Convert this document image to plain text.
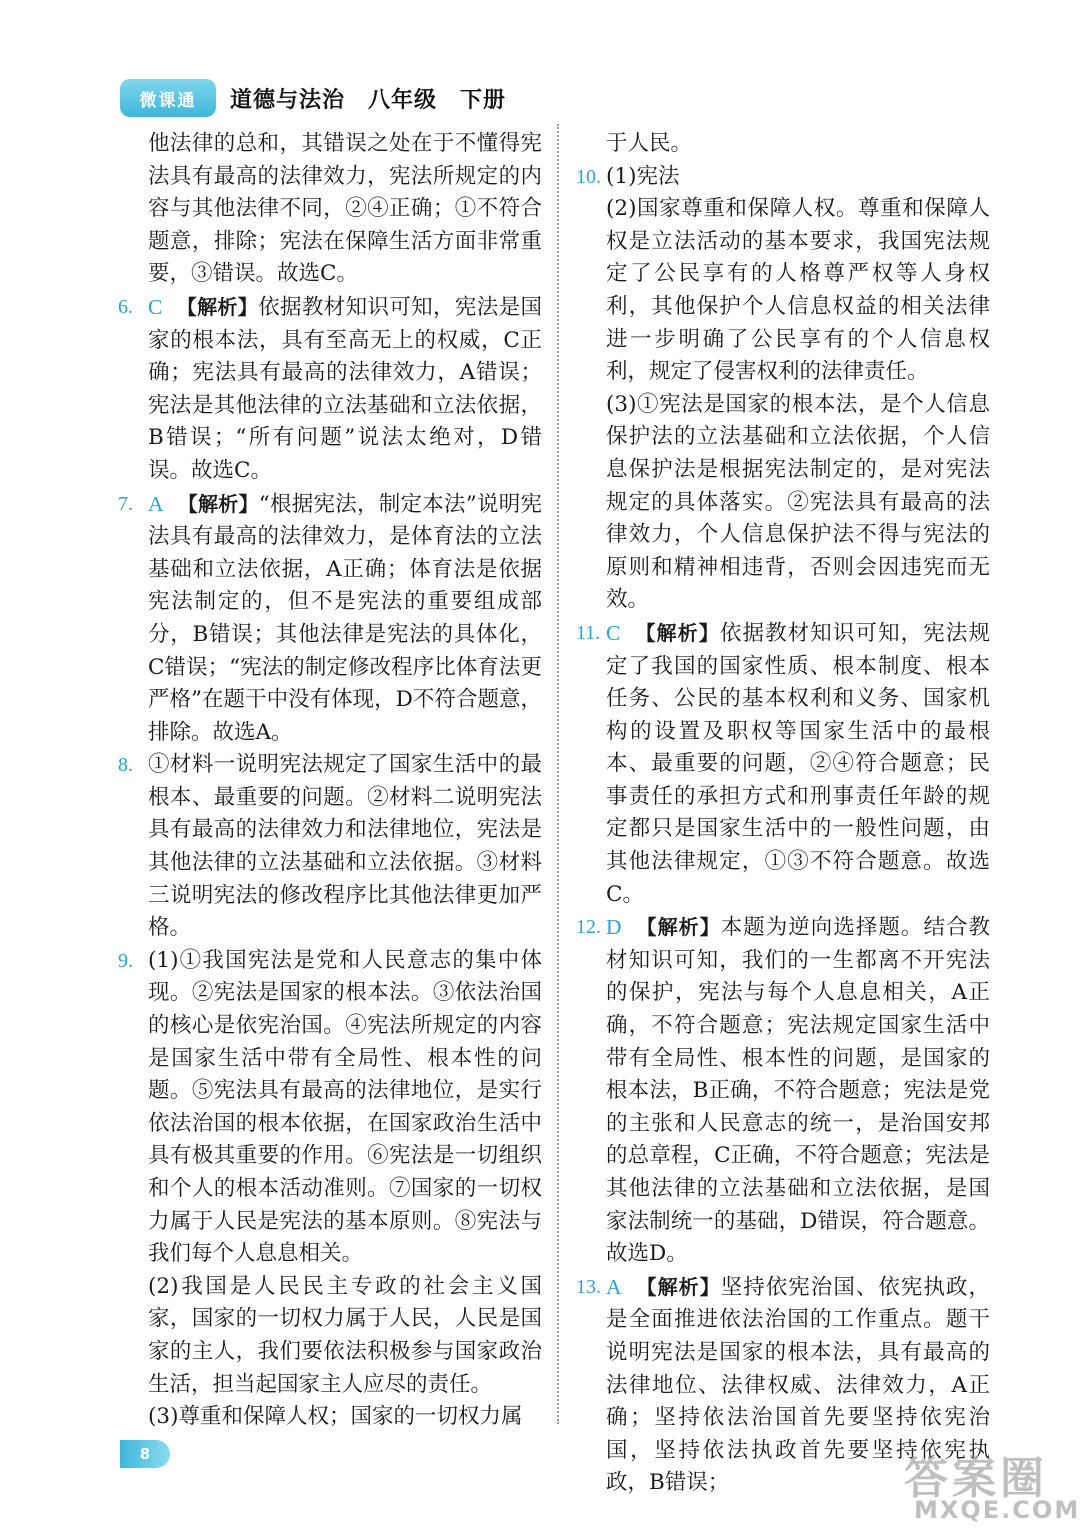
微课通	道德与法治　八年级　下册
他法律的总和，其错误之处在于不懂得宪法具有最高的法律效力，宪法所规定的内容与其他法律不同，②④正确；①不符合题意，排除；宪法在保障生活方面非常重要，③错误。故选C。
6. C 【解析】依据教材知识可知，宪法是国家的根本法，具有至高无上的权威，C正确；宪法具有最高的法律效力，A错误；宪法是其他法律的立法基础和立法依据，B错误；“所有问题”说法太绝对，D错误。故选C。
7. A 【解析】“根据宪法，制定本法”说明宪法具有最高的法律效力，是体育法的立法基础和立法依据，A正确；体育法是依据宪法制定的，但不是宪法的重要组成部分，B错误；其他法律是宪法的具体化，C错误；“宪法的制定修改程序比体育法更严格”在题干中没有体现，D不符合题意，排除。故选A。
8. ①材料一说明宪法规定了国家生活中的最根本、最重要的问题。②材料二说明宪法具有最高的法律效力和法律地位，宪法是其他法律的立法基础和立法依据。③材料三说明宪法的修改程序比其他法律更加严格。
9. (1)①我国宪法是党和人民意志的集中体现。②宪法是国家的根本法。③依法治国的核心是依宪治国。④宪法所规定的内容是国家生活中带有全局性、根本性的问题。⑤宪法具有最高的法律地位，是实行依法治国的根本依据，在国家政治生活中具有极其重要的作用。⑥宪法是一切组织和个人的根本活动准则。⑦国家的一切权力属于人民是宪法的基本原则。⑧宪法与我们每个人息息相关。
(2)我国是人民民主专政的社会主义国家，国家的一切权力属于人民，人民是国家的主人，我们要依法积极参与国家政治生活，担当起国家主人应尽的责任。
(3)尊重和保障人权；国家的一切权力属
于人民。
10. (1)宪法
(2)国家尊重和保障人权。尊重和保障人权是立法活动的基本要求，我国宪法规定了公民享有的人格尊严权等人身权利，其他保护个人信息权益的相关法律进一步明确了公民享有的个人信息权利，规定了侵害权利的法律责任。
(3)①宪法是国家的根本法，是个人信息保护法的立法基础和立法依据，个人信息保护法是根据宪法制定的，是对宪法规定的具体落实。②宪法具有最高的法律效力，个人信息保护法不得与宪法的原则和精神相违背，否则会因违宪而无效。
11. C 【解析】依据教材知识可知，宪法规定了我国的国家性质、根本制度、根本任务、公民的基本权利和义务、国家机构的设置及职权等国家生活中的最根本、最重要的问题，②④符合题意；民事责任的承担方式和刑事责任年龄的规定都只是国家生活中的一般性问题，由其他法律规定，①③不符合题意。故选C。
12. D 【解析】本题为逆向选择题。结合教材知识可知，我们的一生都离不开宪法的保护，宪法与每个人息息相关，A正确，不符合题意；宪法规定国家生活中带有全局性、根本性的问题，是国家的根本法，B正确，不符合题意；宪法是党的主张和人民意志的统一，是治国安邦的总章程，C正确，不符合题意；宪法是其他法律的立法基础和立法依据，是国家法制统一的基础，D错误，符合题意。故选D。
13. A 【解析】坚持依宪治国、依宪执政，是全面推进依法治国的工作重点。题干说明宪法是国家的根本法，具有最高的法律地位、法律权威、法律效力，A正确；坚持依法治国首先要坚持依宪治国，坚持依法执政首先要坚持依宪执政，B错误；
8	答案圈
MXQE.COM
